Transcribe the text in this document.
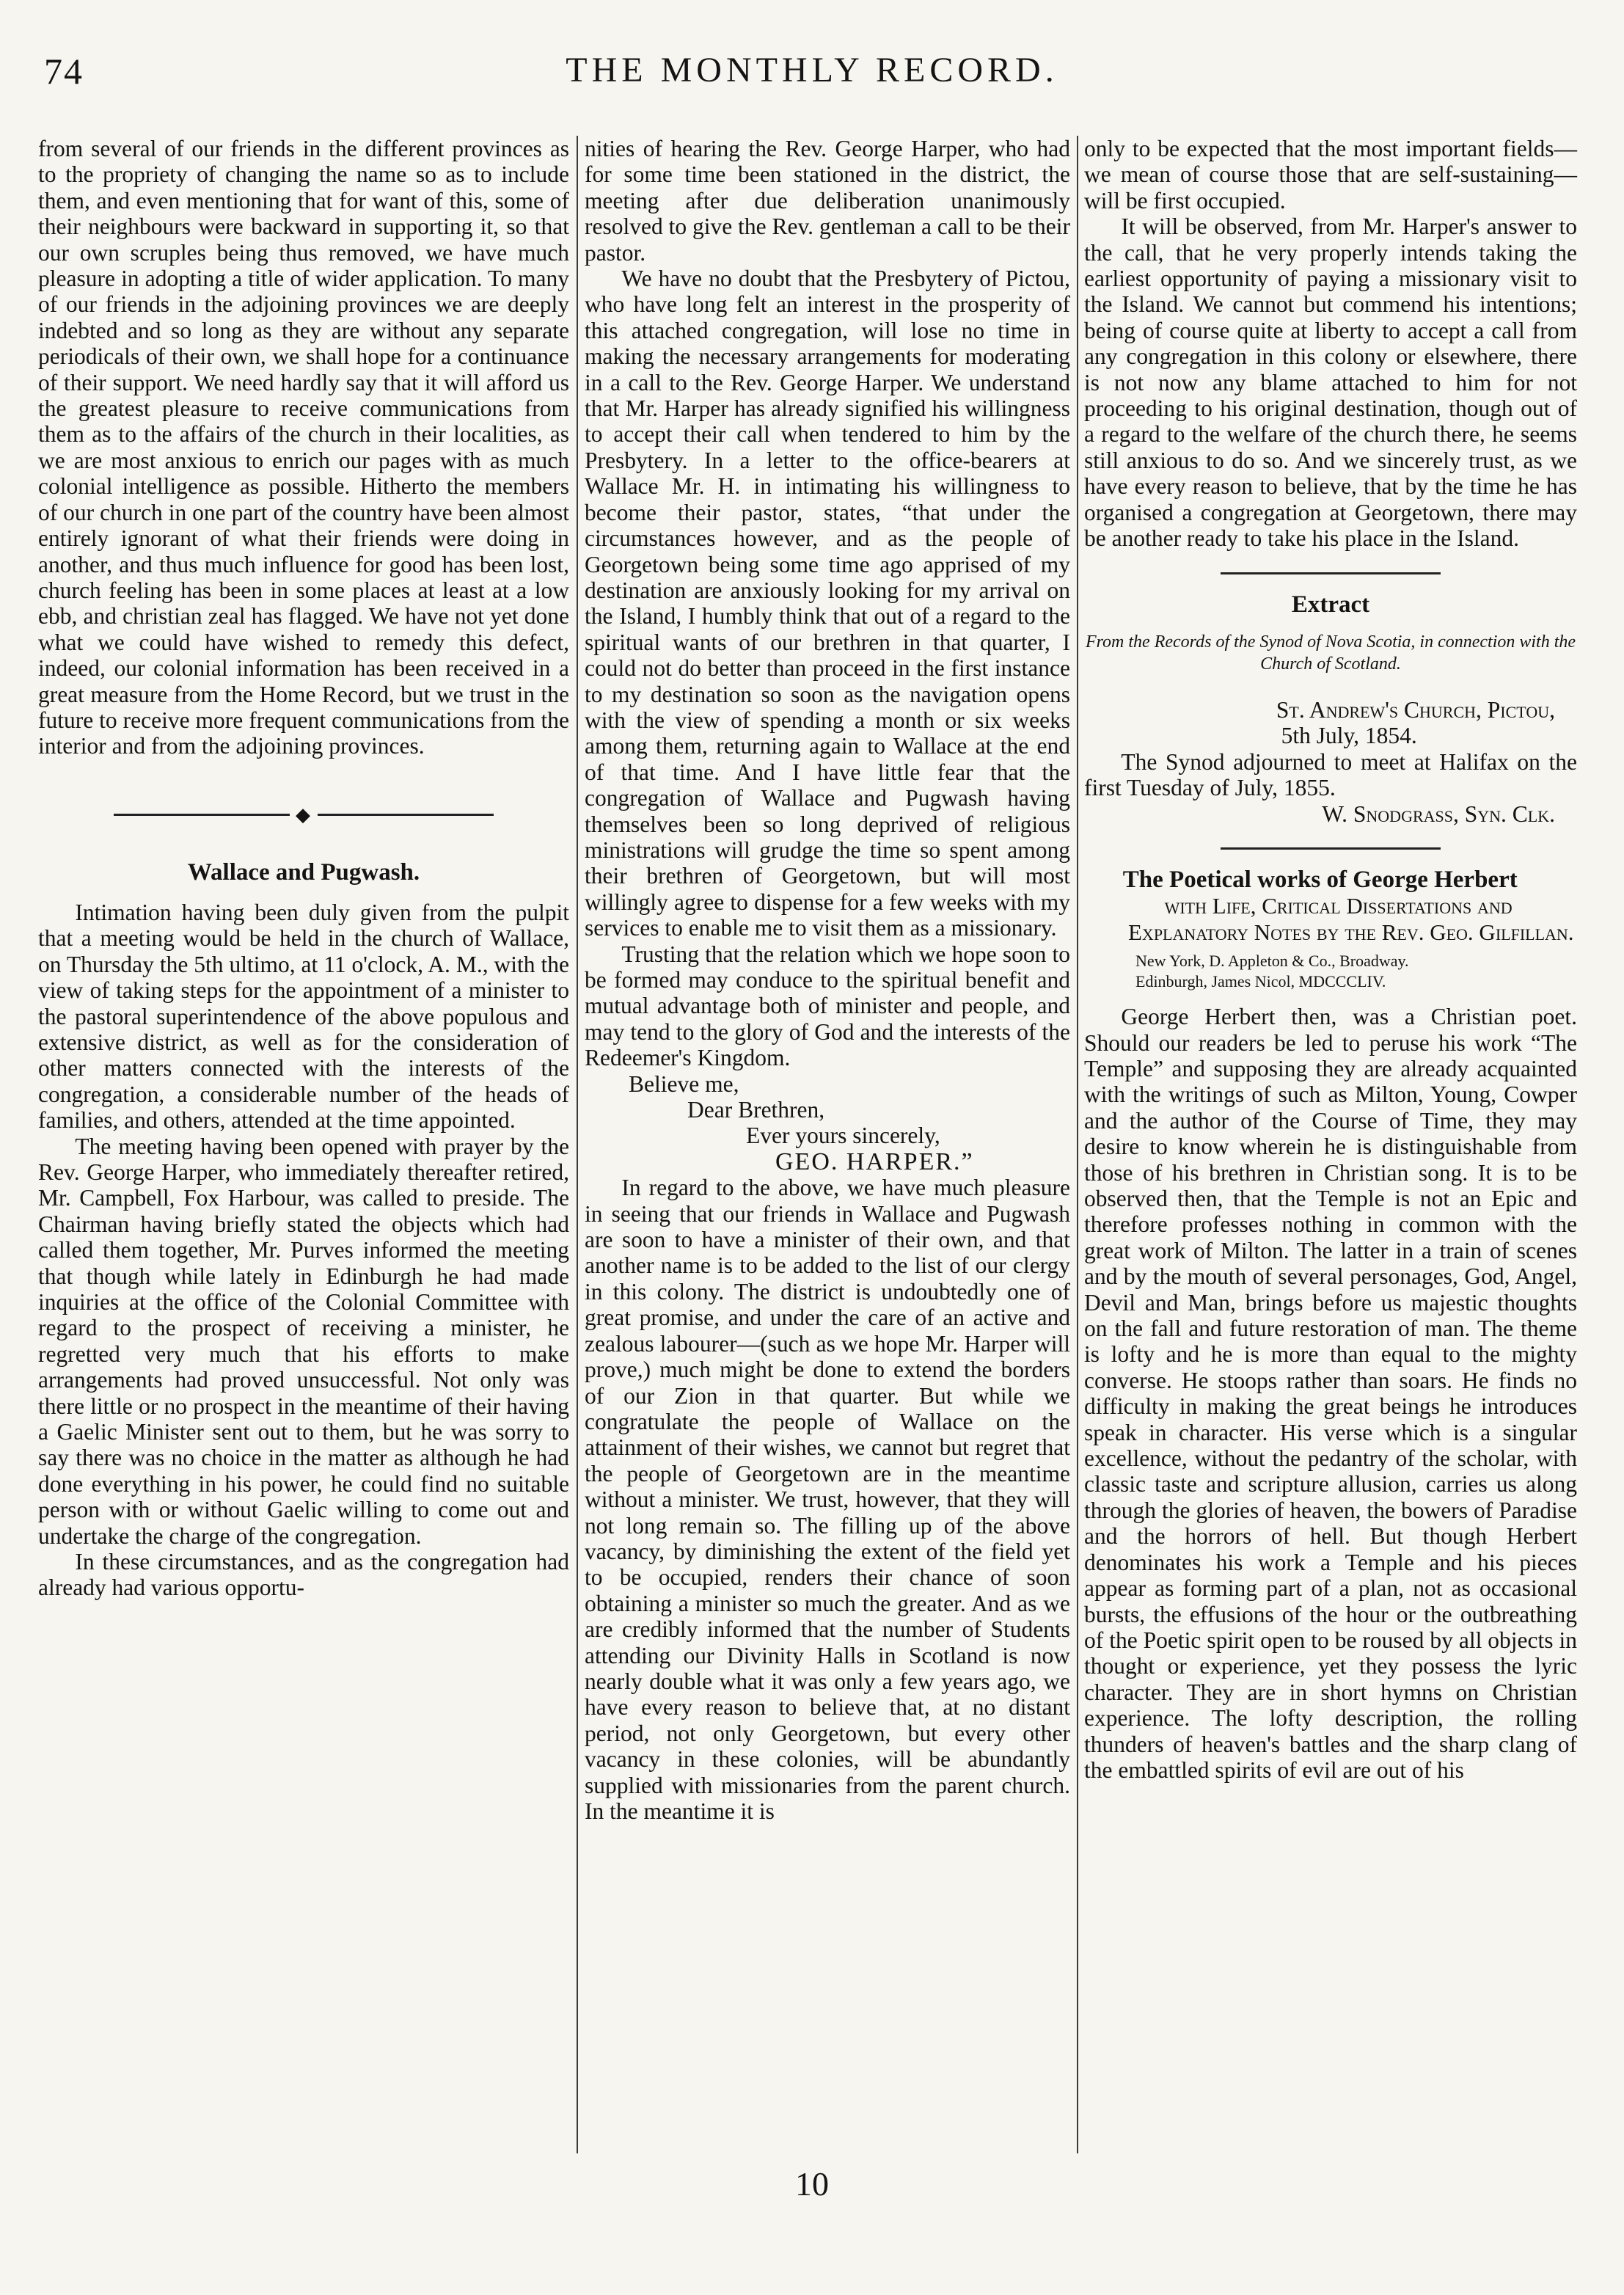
74	THE MONTHLY RECORD.

from several of our friends in the different provinces as to the propriety of changing the name so as to include them, and even mentioning that for want of this, some of their neighbours were backward in supporting it, so that our own scruples being thus removed, we have much pleasure in adopting a title of wider application. To many of our friends in the adjoining provinces we are deeply indebted and so long as they are without any separate periodicals of their own, we shall hope for a continuance of their support. We need hardly say that it will afford us the greatest pleasure to receive communications from them as to the affairs of the church in their localities, as we are most anxious to enrich our pages with as much colonial intelligence as possible. Hitherto the members of our church in one part of the country have been almost entirely ignorant of what their friends were doing in another, and thus much influence for good has been lost, church feeling has been in some places at least at a low ebb, and christian zeal has flagged. We have not yet done what we could have wished to remedy this defect, indeed, our colonial information has been received in a great measure from the Home Record, but we trust in the future to receive more frequent communications from the interior and from the adjoining provinces.

◆
Wallace and Pugwash.

Intimation having been duly given from the pulpit that a meeting would be held in the church of Wallace, on Thursday the 5th ultimo, at 11 o'clock, A. M., with the view of taking steps for the appointment of a minister to the pastoral superintendence of the above populous and extensive district, as well as for the consideration of other matters connected with the interests of the congregation, a considerable number of the heads of families, and others, attended at the time appointed.

The meeting having been opened with prayer by the Rev. George Harper, who immediately thereafter retired, Mr. Campbell, Fox Harbour, was called to preside. The Chairman having briefly stated the objects which had called them together, Mr. Purves informed the meeting that though while lately in Edinburgh he had made inquiries at the office of the Colonial Committee with regard to the prospect of receiving a minister, he regretted very much that his efforts to make arrangements had proved unsuccessful. Not only was there little or no prospect in the meantime of their having a Gaelic Minister sent out to them, but he was sorry to say there was no choice in the matter as although he had done everything in his power, he could find no suitable person with or without Gaelic willing to come out and undertake the charge of the congregation.

In these circumstances, and as the congregation had already had various opportu-

nities of hearing the Rev. George Harper, who had for some time been stationed in the district, the meeting after due deliberation unanimously resolved to give the Rev. gentleman a call to be their pastor.

We have no doubt that the Presbytery of Pictou, who have long felt an interest in the prosperity of this attached congregation, will lose no time in making the necessary arrangements for moderating in a call to the Rev. George Harper. We understand that Mr. Harper has already signified his willingness to accept their call when tendered to him by the Presbytery. In a letter to the office-bearers at Wallace Mr. H. in intimating his willingness to become their pastor, states, “that under the circumstances however, and as the people of Georgetown being some time ago apprised of my destination are anxiously looking for my arrival on the Island, I humbly think that out of a regard to the spiritual wants of our brethren in that quarter, I could not do better than proceed in the first instance to my destination so soon as the navigation opens with the view of spending a month or six weeks among them, returning again to Wallace at the end of that time. And I have little fear that the congregation of Wallace and Pugwash having themselves been so long deprived of religious ministrations will grudge the time so spent among their brethren of Georgetown, but will most willingly agree to dispense for a few weeks with my services to enable me to visit them as a missionary.

Trusting that the relation which we hope soon to be formed may conduce to the spiritual benefit and mutual advantage both of minister and people, and may tend to the glory of God and the interests of the Redeemer's Kingdom.

Believe me,

Dear Brethren,

Ever yours sincerely,

GEO. HARPER.”

In regard to the above, we have much pleasure in seeing that our friends in Wallace and Pugwash are soon to have a minister of their own, and that another name is to be added to the list of our clergy in this colony. The district is undoubtedly one of great promise, and under the care of an active and zealous labourer—(such as we hope Mr. Harper will prove,) much might be done to extend the borders of our Zion in that quarter. But while we congratulate the people of Wallace on the attainment of their wishes, we cannot but regret that the people of Georgetown are in the meantime without a minister. We trust, however, that they will not long remain so. The filling up of the above vacancy, by diminishing the extent of the field yet to be occupied, renders their chance of soon obtaining a minister so much the greater. And as we are credibly informed that the number of Students attending our Divinity Halls in Scotland is now nearly double what it was only a few years ago, we have every reason to believe that, at no distant period, not only Georgetown, but every other vacancy in these colonies, will be abundantly supplied with missionaries from the parent church. In the meantime it is

only to be expected that the most important fields—we mean of course those that are self-sustaining—will be first occupied.

It will be observed, from Mr. Harper's answer to the call, that he very properly intends taking the earliest opportunity of paying a missionary visit to the Island. We cannot but commend his intentions; being of course quite at liberty to accept a call from any congregation in this colony or elsewhere, there is not now any blame attached to him for not proceeding to his original destination, though out of a regard to the welfare of the church there, he seems still anxious to do so. And we sincerely trust, as we have every reason to believe, that by the time he has organised a congregation at Georgetown, there may be another ready to take his place in the Island.

Extract
From the Records of the Synod of Nova Scotia, in connection with the Church of Scotland.

St. Andrew's Church, Pictou,

5th July, 1854.

The Synod adjourned to meet at Halifax on the first Tuesday of July, 1855.

W. Snodgrass, Syn. Clk.

The Poetical works of George Herbert

with Life, Critical Dissertations and Explanatory Notes by the Rev. Geo. Gilfillan.

New York, D. Appleton & Co., Broadway.
Edinburgh, James Nicol, MDCCCLIV.

George Herbert then, was a Christian poet. Should our readers be led to peruse his work “The Temple” and supposing they are already acquainted with the writings of such as Milton, Young, Cowper and the author of the Course of Time, they may desire to know wherein he is distinguishable from those of his brethren in Christian song. It is to be observed then, that the Temple is not an Epic and therefore professes nothing in common with the great work of Milton. The latter in a train of scenes and by the mouth of several personages, God, Angel, Devil and Man, brings before us majestic thoughts on the fall and future restoration of man. The theme is lofty and he is more than equal to the mighty converse. He stoops rather than soars. He finds no difficulty in making the great beings he introduces speak in character. His verse which is a singular excellence, without the pedantry of the scholar, with classic taste and scripture allusion, carries us along through the glories of heaven, the bowers of Paradise and the horrors of hell. But though Herbert denominates his work a Temple and his pieces appear as forming part of a plan, not as occasional bursts, the effusions of the hour or the outbreathing of the Poetic spirit open to be roused by all objects in thought or experience, yet they possess the lyric character. They are in short hymns on Christian experience. The lofty description, the rolling thunders of heaven's battles and the sharp clang of the embattled spirits of evil are out of his

10
